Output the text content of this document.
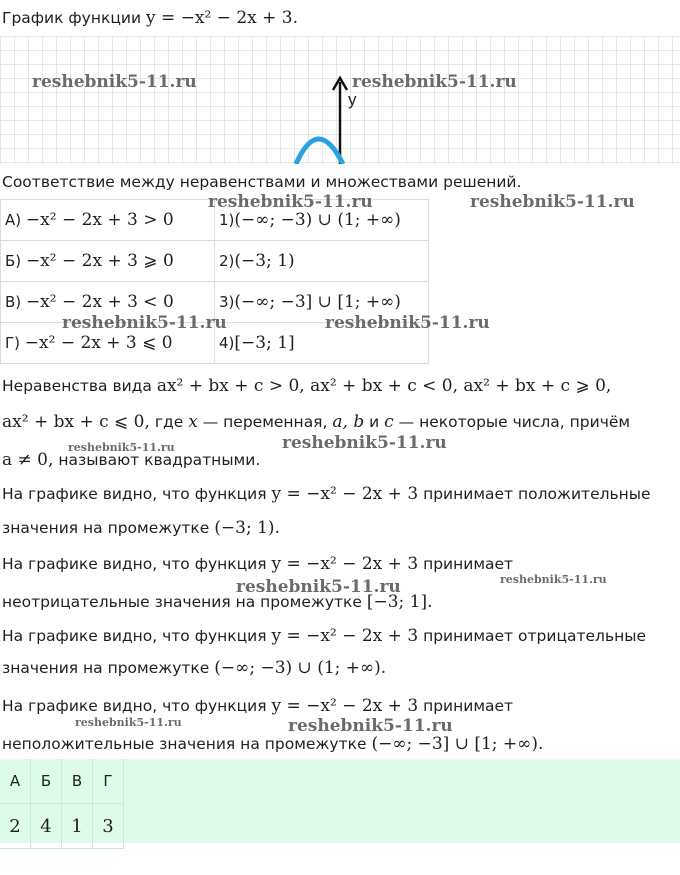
График функции y = −x² − 2x + 3.
y
Соответствие между неравенствами и множествами решений.
А) −x² − 2x + 3 > 0	1)(−∞; −3) ∪ (1; +∞)
Б) −x² − 2x + 3 ⩾ 0	2)(−3; 1)
В) −x² − 2x + 3 < 0	3)(−∞; −3] ∪ [1; +∞)
Г) −x² − 2x + 3 ⩽ 0	4)[−3; 1]
Неравенства вида ax² + bx + c > 0, ax² + bx + c < 0, ax² + bx + c ⩾ 0,
ax² + bx + c ⩽ 0, где x — переменная, a, b и c — некоторые числа, причём
a ≠ 0, называют квадратными.
На графике видно, что функция y = −x² − 2x + 3 принимает положительные
значения на промежутке (−3; 1).
На графике видно, что функция y = −x² − 2x + 3 принимает
неотрицательные значения на промежутке [−3; 1].
На графике видно, что функция y = −x² − 2x + 3 принимает отрицательные
значения на промежутке (−∞; −3) ∪ (1; +∞).
На графике видно, что функция y = −x² − 2x + 3 принимает
неположительные значения на промежутке (−∞; −3] ∪ [1; +∞).
А	Б	В	Г
2	4	1	3
reshebnik5-11.ru	reshebnik5-11.ru
reshebnik5-11.ru	reshebnik5-11.ru
reshebnik5-11.ru	reshebnik5-11.ru
reshebnik5-11.ru	reshebnik5-11.ru
reshebnik5-11.ru	reshebnik5-11.ru
reshebnik5-11.ru	reshebnik5-11.ru
